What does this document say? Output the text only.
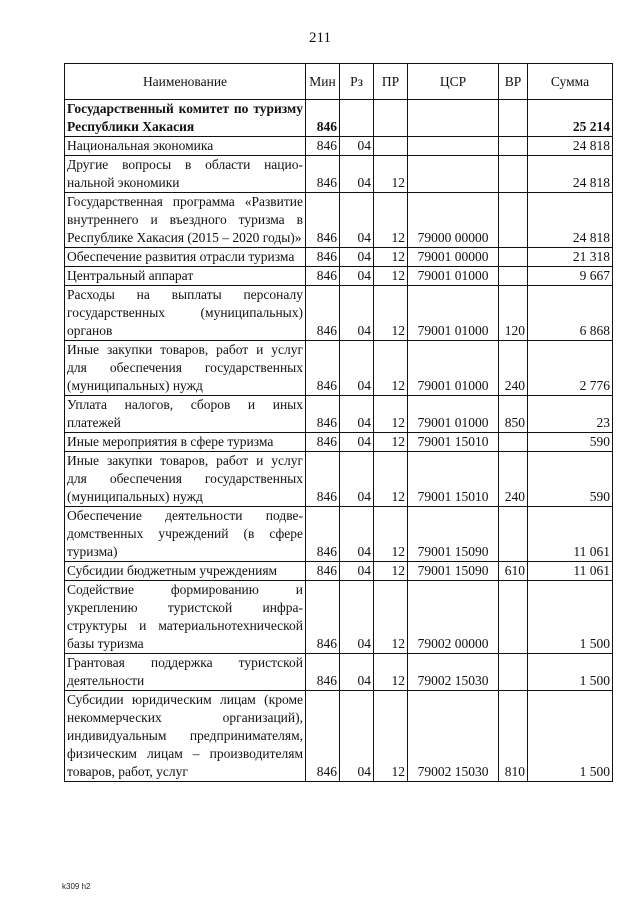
211
Наименование	Мин	Рз	ПР	ЦСР	ВР	Сумма
Государственный комитет по туризму Республики Хакасия	846					25 214
Национальная экономика	846	04				24 818
Другие вопросы в области национальной экономики	846	04	12			24 818
Государственная программа «Развитие внутреннего и въездного туризма в Республике Хакасия (2015 – 2020 годы)»	846	04	12	79000 00000		24 818
Обеспечение развития отрасли туризма	846	04	12	79001 00000		21 318
Центральный аппарат	846	04	12	79001 01000		9 667
Расходы на выплаты персоналу государственных (муниципальных) органов	846	04	12	79001 01000	120	6 868
Иные закупки товаров, работ и услуг для обеспечения государственных (муниципальных) нужд	846	04	12	79001 01000	240	2 776
Уплата налогов, сборов и иных платежей	846	04	12	79001 01000	850	23
Иные мероприятия в сфере туризма	846	04	12	79001 15010		590
Иные закупки товаров, работ и услуг для обеспечения государственных (муниципальных) нужд	846	04	12	79001 15010	240	590
Обеспечение деятельности подведомственных учреждений (в сфере туризма)	846	04	12	79001 15090		11 061
Субсидии бюджетным учреждениям	846	04	12	79001 15090	610	11 061
Содействие формированию и укреплению туристской инфраструктуры и материальнотехнической базы туризма	846	04	12	79002 00000		1 500
Грантовая поддержка туристской деятельности	846	04	12	79002 15030		1 500
Субсидии юридическим лицам (кроме некоммерческих организаций), индивидуальным предпринимателям, физическим лицам – производителям товаров, работ, услуг	846	04	12	79002 15030	810	1 500
k309 h2
